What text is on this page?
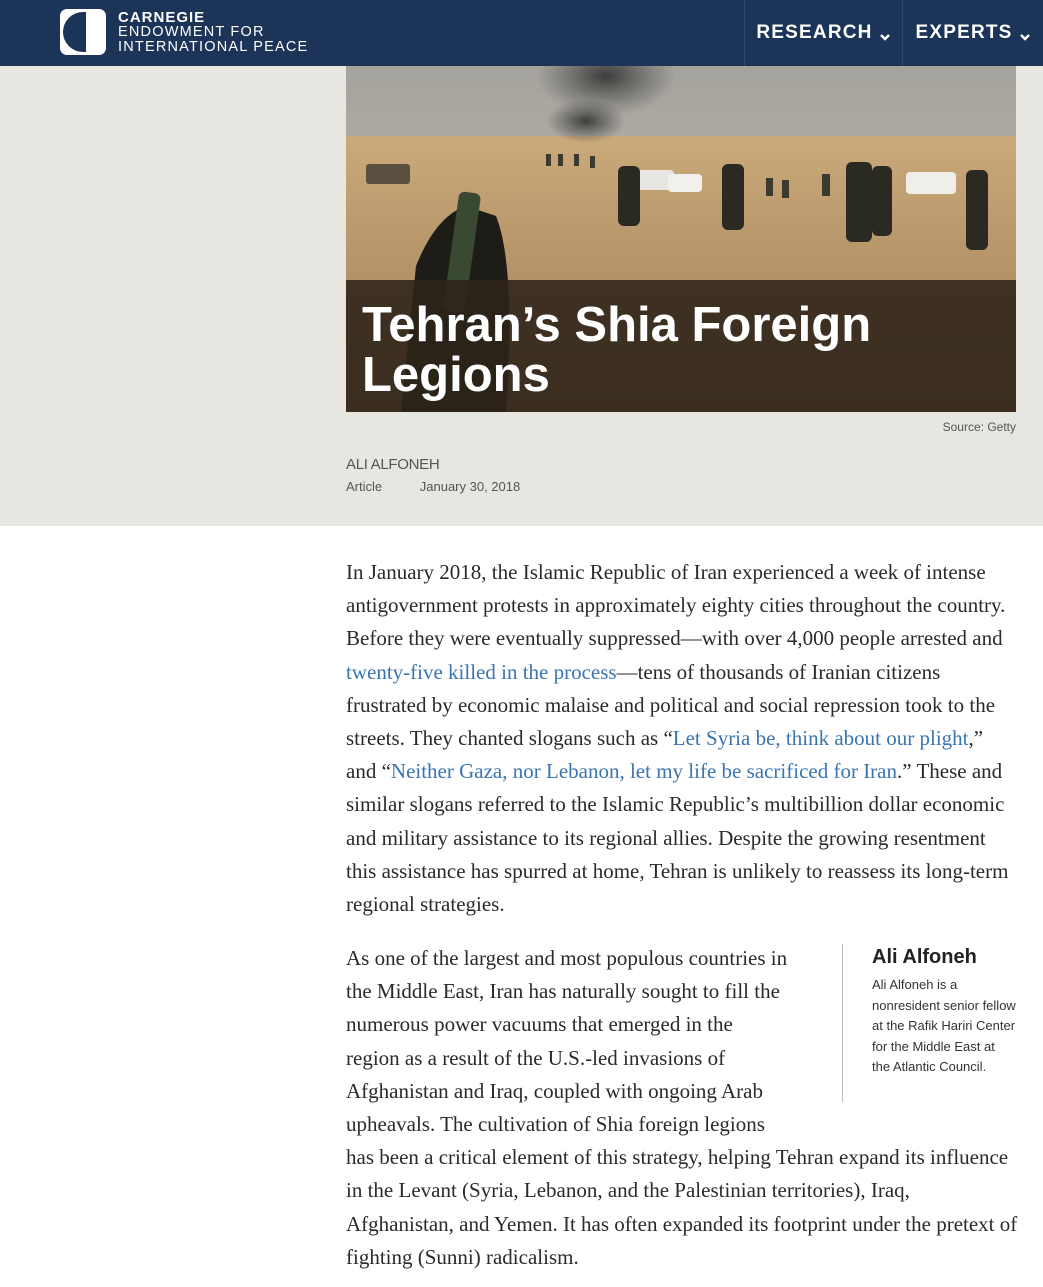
CARNEGIE
ENDOWMENT FOR
INTERNATIONAL PEACE
RESEARCH EXPERTS
Tehran’s Shia Foreign Legions
Source: Getty
ALI ALFONEH
Article	January 30, 2018

In January 2018, the Islamic Republic of Iran experienced a week of intense antigovernment protests in approximately eighty cities throughout the country. Before they were eventually suppressed—with over 4,000 people arrested and twenty-five killed in the process—tens of thousands of Iranian citizens frustrated by economic malaise and political and social repression took to the streets. They chanted slogans such as “Let Syria be, think about our plight,” and “Neither Gaza, nor Lebanon, let my life be sacrificed for Iran.” These and similar slogans referred to the Islamic Republic’s multibillion dollar economic and military assistance to its regional allies. Despite the growing resentment this assistance has spurred at home, Tehran is unlikely to reassess its long-term regional strategies.

As one of the largest and most populous countries in
the Middle East, Iran has naturally sought to fill the
numerous power vacuums that emerged in the
region as a result of the U.S.-led invasions of
Afghanistan and Iraq, coupled with ongoing Arab
upheavals. The cultivation of Shia foreign legions
has been a critical element of this strategy, helping Tehran expand its influence in the Levant (Syria, Lebanon, and the Palestinian territories), Iraq, Afghanistan, and Yemen. It has often expanded its footprint under the pretext of fighting (Sunni) radicalism.
Ali Alfoneh
Ali Alfoneh is a nonresident senior fellow at the Rafik Hariri Center for the Middle East at the Atlantic Council.
